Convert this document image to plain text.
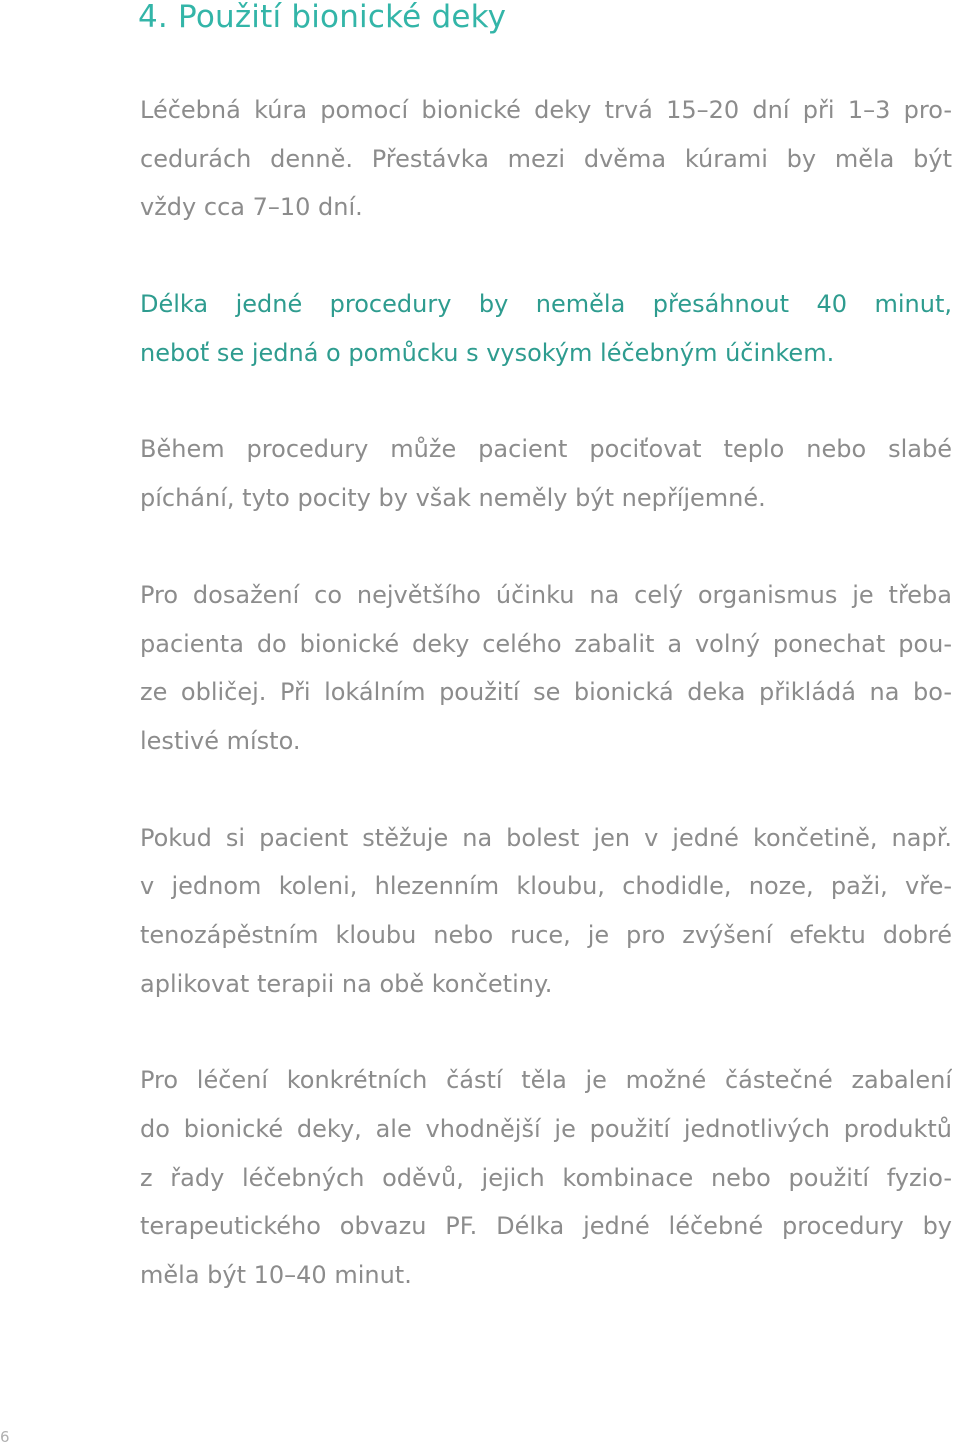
4. Použití bionické deky

Léčebná kúra pomocí bionické deky trvá 15–20 dní při 1–3 pro-
cedurách denně. Přestávka mezi dvěma kúrami by měla být
vždy cca 7–10 dní.

Délka jedné procedury by neměla přesáhnout 40 minut,
neboť se jedná o pomůcku s vysokým léčebným účinkem.

Během procedury může pacient pociťovat teplo nebo slabé
píchání, tyto pocity by však neměly být nepříjemné.

Pro dosažení co největšího účinku na celý organismus je třeba
pacienta do bionické deky celého zabalit a volný ponechat pou-
ze obličej. Při lokálním použití se bionická deka přikládá na bo-
lestivé místo.

Pokud si pacient stěžuje na bolest jen v jedné končetině, např.
v jednom koleni, hlezenním kloubu, chodidle, noze, paži, vře-
tenozápěstním kloubu nebo ruce, je pro zvýšení efektu dobré
aplikovat terapii na obě končetiny.

Pro léčení konkrétních částí těla je možné částečné zabalení
do bionické deky, ale vhodnější je použití jednotlivých produktů
z řady léčebných oděvů, jejich kombinace nebo použití fyzio-
terapeutického obvazu PF. Délka jedné léčebné procedury by
měla být 10–40 minut.

6
